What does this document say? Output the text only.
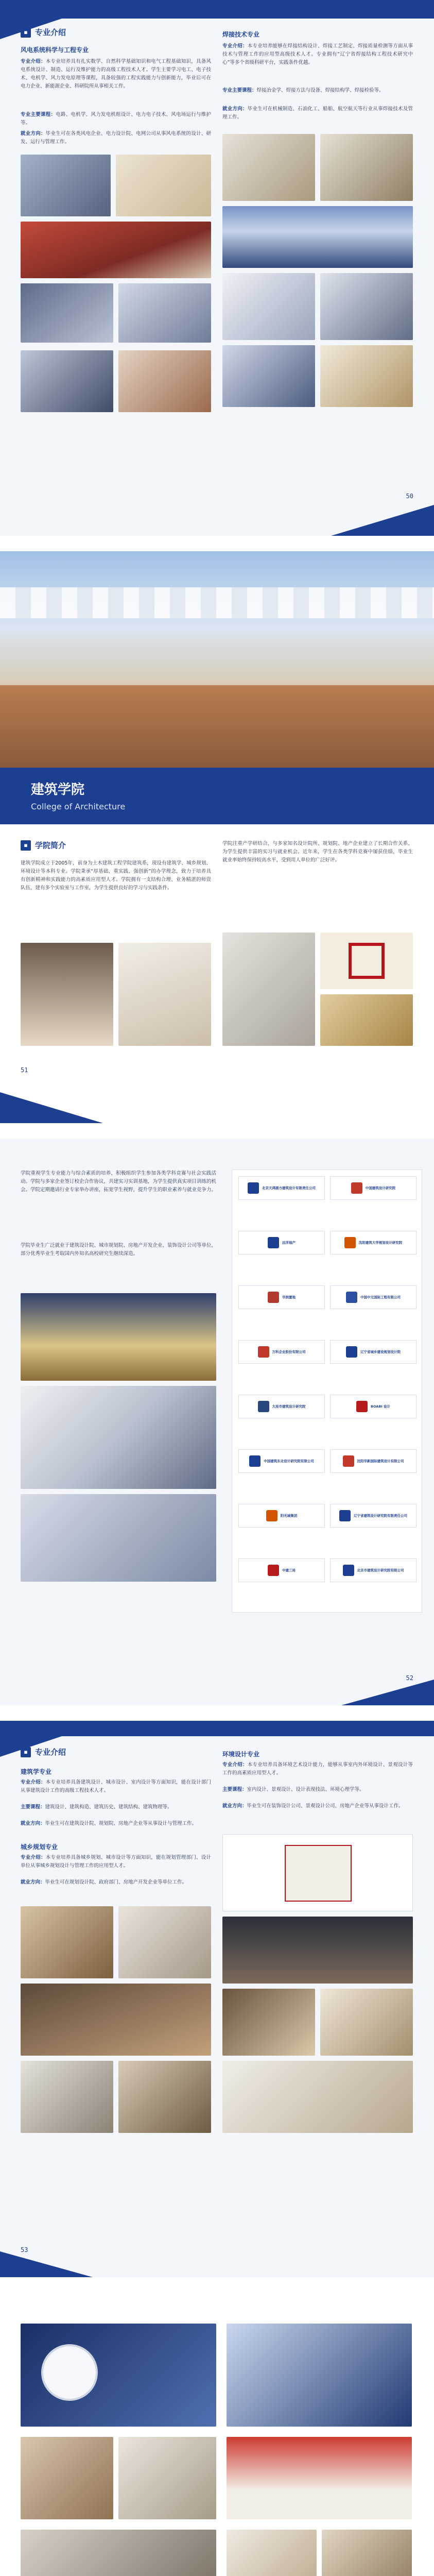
▪ 专业介绍
风电系统科学与工程专业
专业介绍：本专业培养具有扎实数学、自然科学基础知识和电气工程基础知识，具备风电系统设计、制造、运行及维护能力的高级工程技术人才。学生主要学习电工、电子技术、电机学、风力发电原理等课程，具备较强的工程实践能力与创新能力，毕业后可在电力企业、新能源企业、科研院所从事相关工作。
专业主要课程：电路、电机学、风力发电机组设计、电力电子技术、风电场运行与维护等。
就业方向：毕业生可在各类风电企业、电力设计院、电网公司从事风电系统的设计、研发、运行与管理工作。
焊接技术专业
专业介绍：本专业培养能够在焊接结构设计、焊接工艺制定、焊接质量检测等方面从事技术与管理工作的应用型高级技术人才。专业拥有“辽宁省焊接结构工程技术研究中心”等多个省级科研平台，实践条件优越。
专业主要课程：焊接冶金学、焊接方法与设备、焊接结构学、焊接检验等。
就业方向：毕业生可在机械制造、石油化工、船舶、航空航天等行业从事焊接技术及管理工作。
50
建筑学院
College of Architecture
▪ 学院简介
建筑学院成立于2005年，前身为土木建筑工程学院建筑系，现设有建筑学、城乡规划、环境设计等本科专业。学院秉承“厚基础、重实践、强创新”的办学理念，致力于培养具有创新精神和实践能力的高素质应用型人才。学院拥有一支结构合理、业务精湛的师资队伍，建有多个实验室与工作室，为学生提供良好的学习与实践条件。
学院注重产学研结合，与多家知名设计院所、规划院、地产企业建立了长期合作关系，为学生提供丰富的实习与就业机会。近年来，学生在各类学科竞赛中屡获佳绩，毕业生就业率始终保持较高水平，受到用人单位的广泛好评。
51
学院重视学生专业能力与综合素质的培养，积极组织学生参加各类学科竞赛与社会实践活动。学院与多家企业签订校企合作协议，共建实习实训基地，为学生提供真实项目训练的机会。学院定期邀请行业专家举办讲座，拓宽学生视野，提升学生的职业素养与就业竞争力。
学院毕业生广泛就业于建筑设计院、城市规划院、房地产开发企业、装饰设计公司等单位，部分优秀毕业生考取国内外知名高校研究生继续深造。
北京天鸿圆方建筑设计有限责任公司	中国建筑设计研究院
远洋地产	沈阳建筑大学规划设计研究院
华润置地	中国中元国际工程有限公司
万科企业股份有限公司	辽宁省城乡建设规划设计院
大连市建筑设计研究院	BOABI 设计
中国建筑东北设计研究院有限公司	沈阳华新国际建筑设计有限公司
阳光城集团	辽宁省建筑设计研究院有限责任公司
中建三局	北京市建筑设计研究院有限公司
52
▪ 专业介绍
建筑学专业
专业介绍：本专业培养具备建筑设计、城市设计、室内设计等方面知识，能在设计部门从事建筑设计工作的高级工程技术人才。
主要课程：建筑设计、建筑构造、建筑历史、建筑结构、建筑物理等。
就业方向：毕业生可在建筑设计院、规划院、房地产企业等从事设计与管理工作。
城乡规划专业
专业介绍：本专业培养具备城乡规划、城市设计等方面知识，能在规划管理部门、设计单位从事城乡规划设计与管理工作的应用型人才。
就业方向：毕业生可在规划设计院、政府部门、房地产开发企业等单位工作。
环境设计专业
专业介绍：本专业培养具备环境艺术设计能力，能够从事室内外环境设计、景观设计等工作的高素质应用型人才。
主要课程：室内设计、景观设计、设计表现技法、环境心理学等。
就业方向：毕业生可在装饰设计公司、景观设计公司、房地产企业等从事设计工作。
53
